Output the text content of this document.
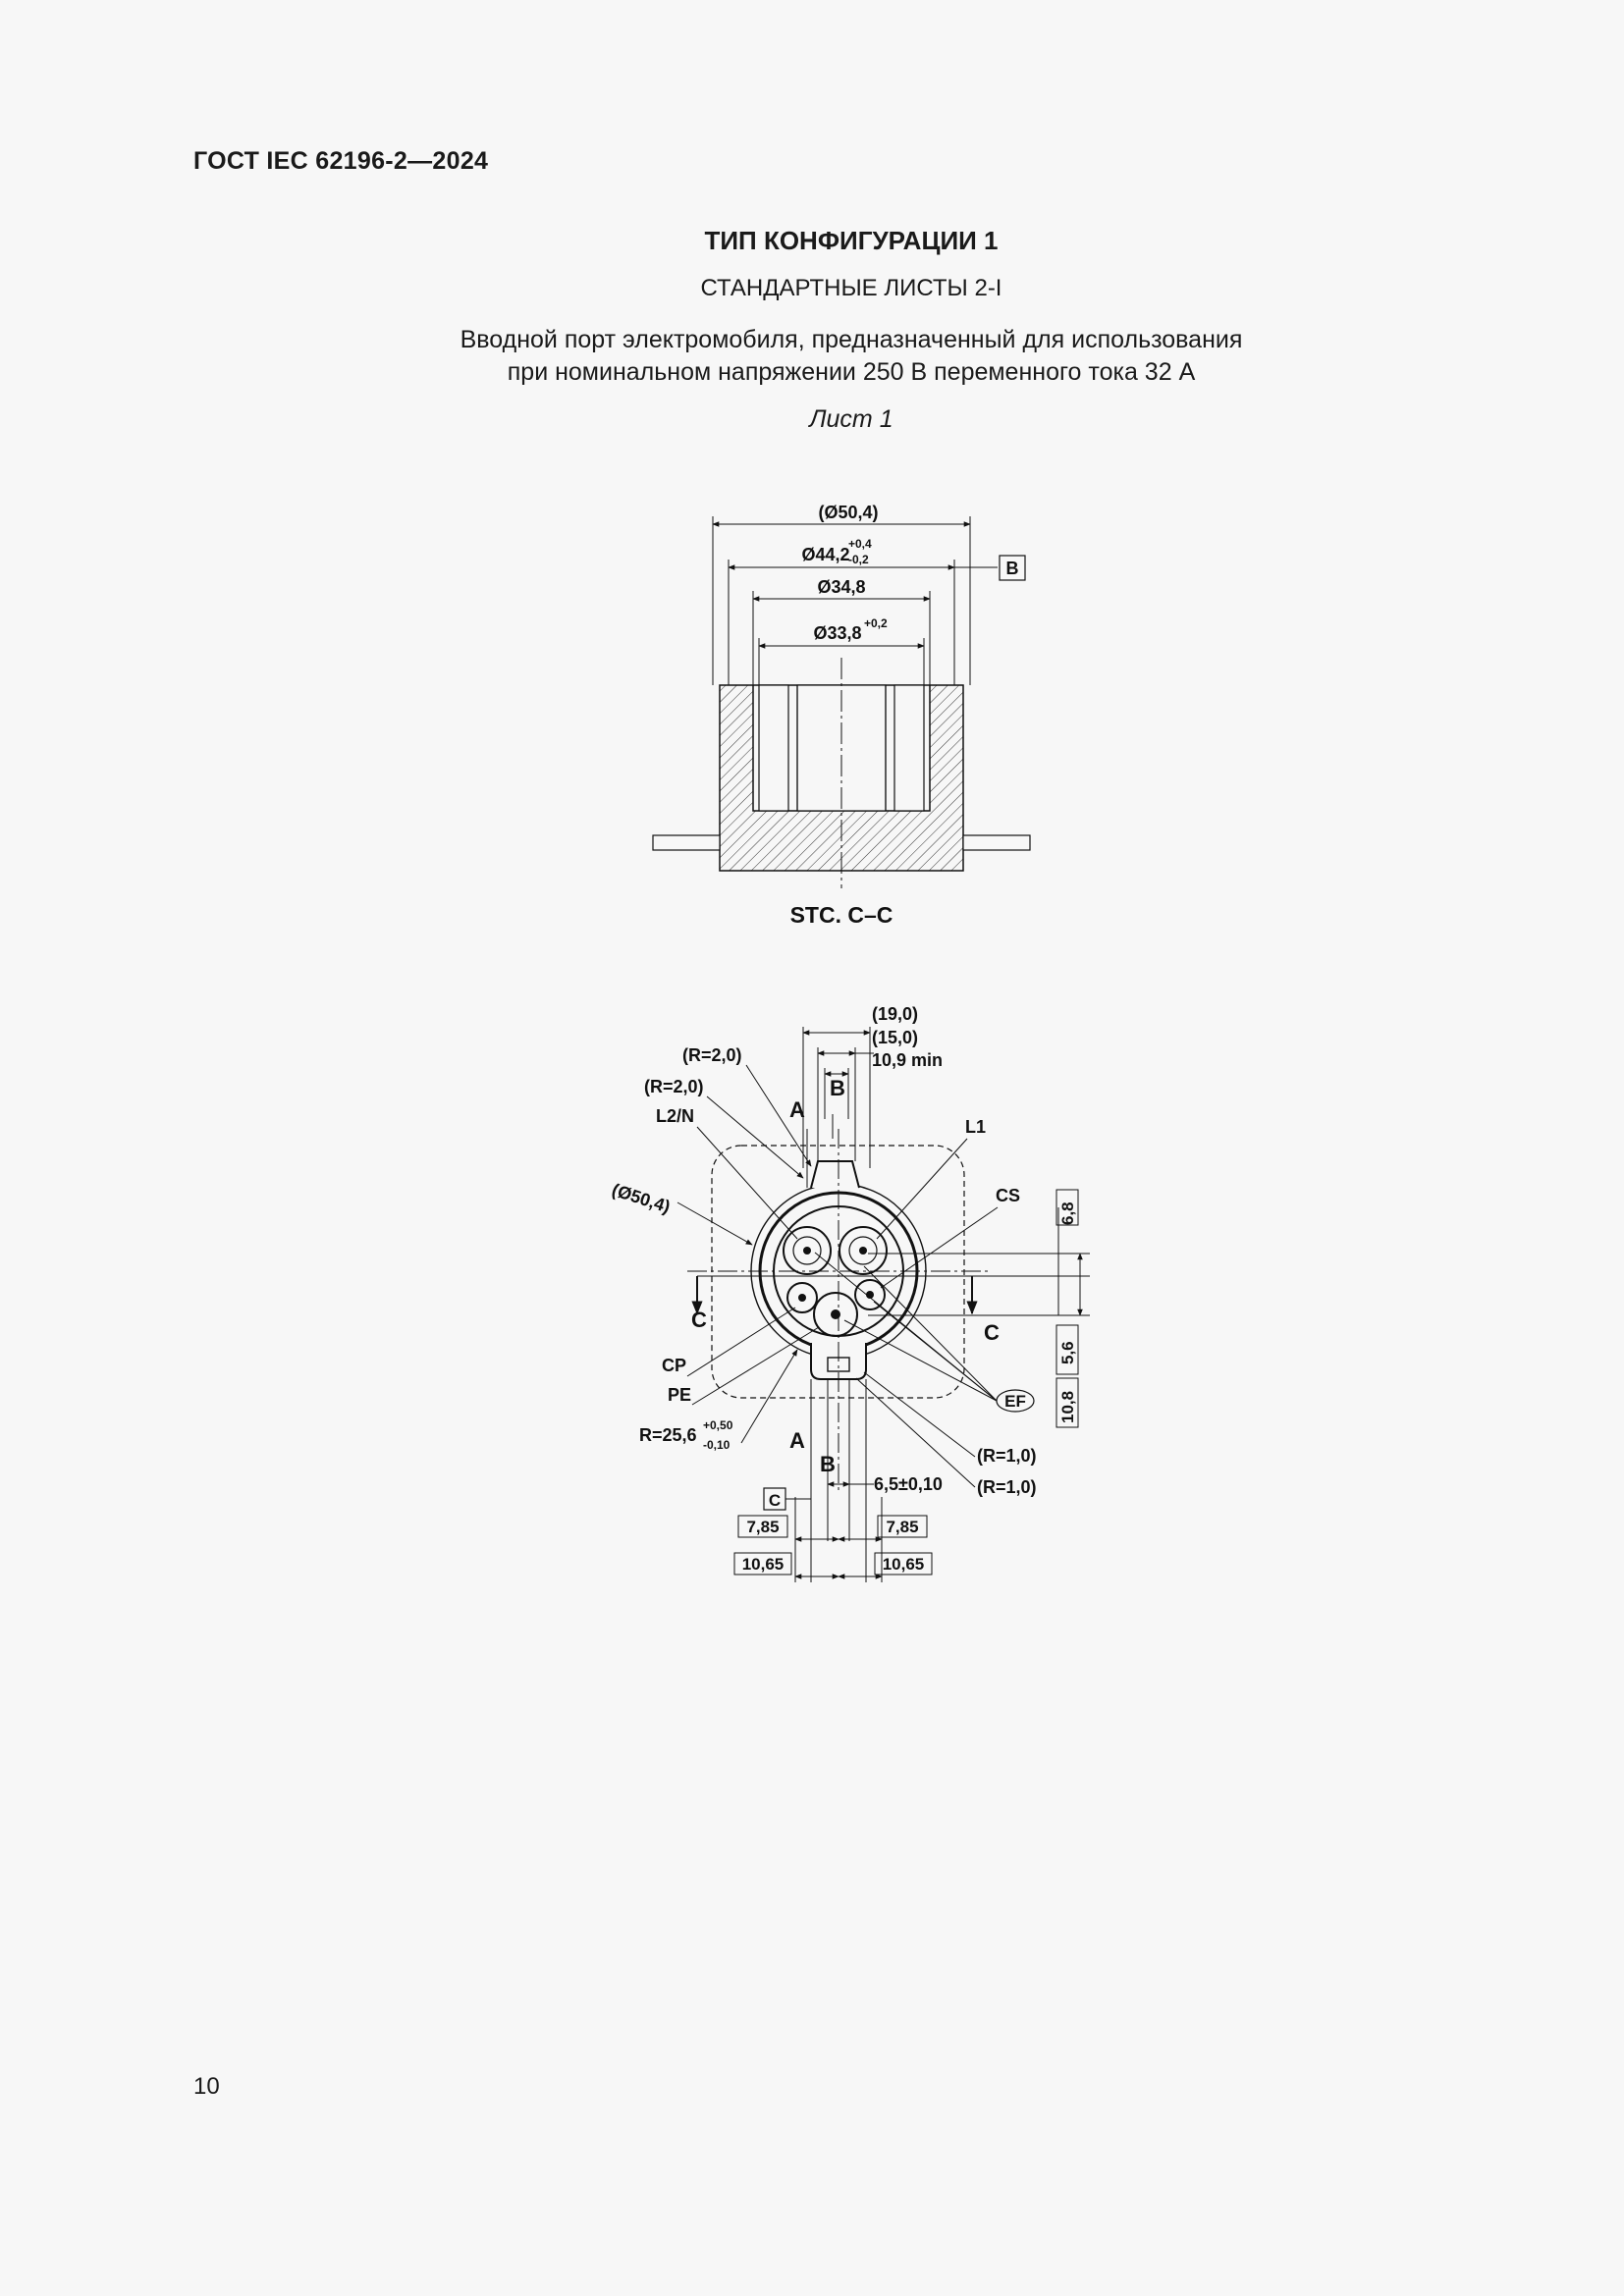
ГОСТ IEC 62196-2—2024
ТИП КОНФИГУРАЦИИ 1
СТАНДАРТНЫЕ ЛИСТЫ 2-I
Вводной порт электромобиля, предназначенный для использования
при номинальном напряжении 250 В переменного тока 32 А
Лист 1
(Ø50,4)
Ø44,2
+0,4
-0,2
Ø34,8
Ø33,8 +0,2
B
STC. C–C
C
C
A
A
B
B
(19,0)
(15,0)
10,9 min
(R=2,0)
(R=2,0)
L2/N
(Ø50,4)
L1
CS
6,8
5,6
10,8
EF
CP
PE
R=25,6 +0,50
-0,10
(R=1,0)
(R=1,0)
6,5±0,10
C
7,85	7,85
10,65	10,65
10
